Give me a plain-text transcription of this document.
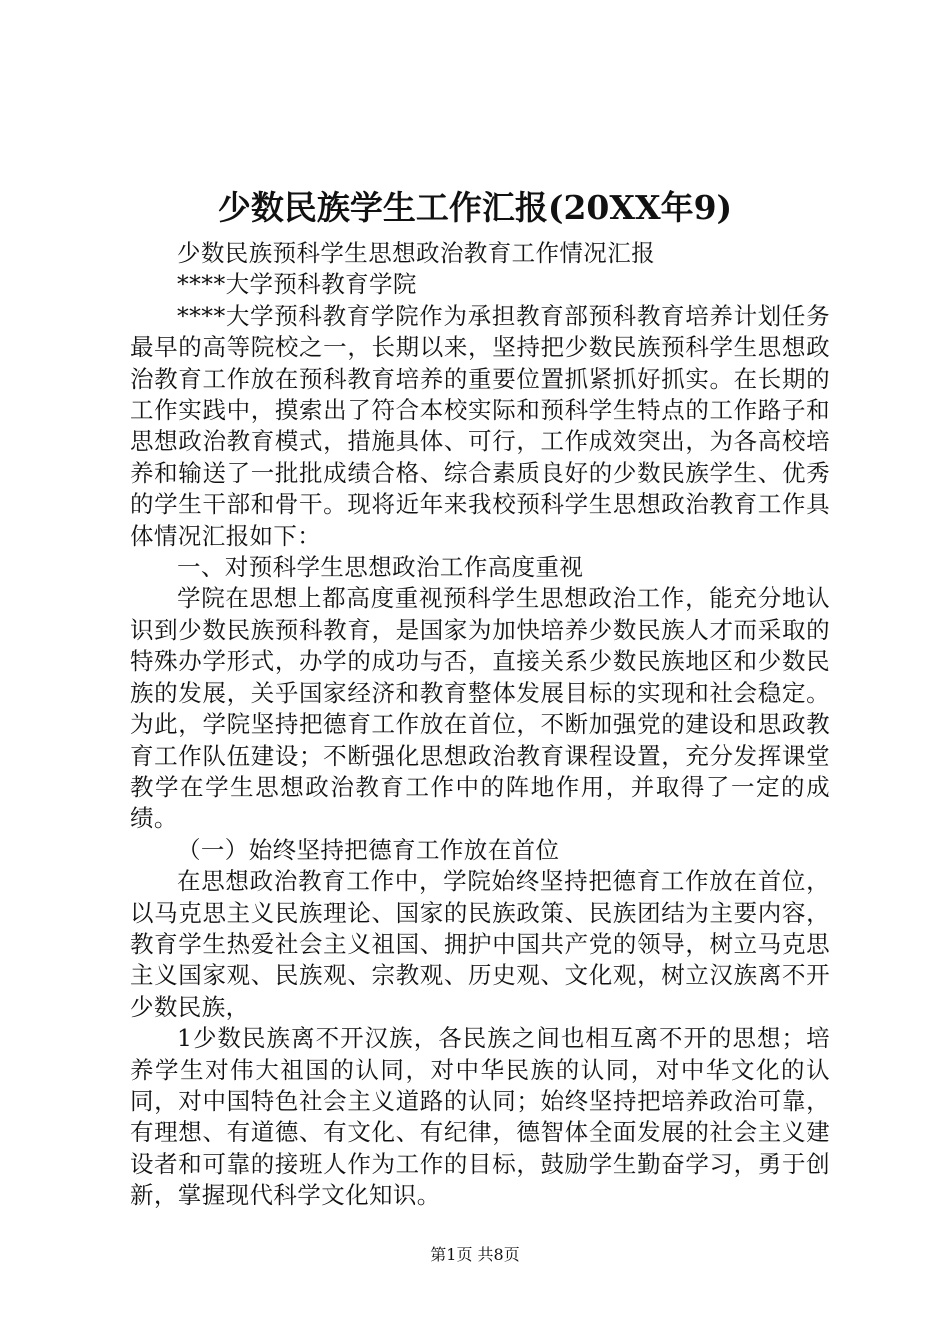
少数民族学生工作汇报(20XX年9)

少数民族预科学生思想政治教育工作情况汇报

****大学预科教育学院

****大学预科教育学院作为承担教育部预科教育培养计划任务最早的高等院校之一，长期以来，坚持把少数民族预科学生思想政治教育工作放在预科教育培养的重要位置抓紧抓好抓实。在长期的工作实践中，摸索出了符合本校实际和预科学生特点的工作路子和思想政治教育模式，措施具体、可行，工作成效突出，为各高校培养和输送了一批批成绩合格、综合素质良好的少数民族学生、优秀的学生干部和骨干。现将近年来我校预科学生思想政治教育工作具体情况汇报如下：

一、对预科学生思想政治工作高度重视

学院在思想上都高度重视预科学生思想政治工作，能充分地认识到少数民族预科教育，是国家为加快培养少数民族人才而采取的特殊办学形式，办学的成功与否，直接关系少数民族地区和少数民族的发展，关乎国家经济和教育整体发展目标的实现和社会稳定。为此，学院坚持把德育工作放在首位，不断加强党的建设和思政教育工作队伍建设；不断强化思想政治教育课程设置，充分发挥课堂教学在学生思想政治教育工作中的阵地作用，并取得了一定的成绩。

（一）始终坚持把德育工作放在首位

在思想政治教育工作中，学院始终坚持把德育工作放在首位，以马克思主义民族理论、国家的民族政策、民族团结为主要内容，教育学生热爱社会主义祖国、拥护中国共产党的领导，树立马克思主义国家观、民族观、宗教观、历史观、文化观，树立汉族离不开少数民族，

1少数民族离不开汉族，各民族之间也相互离不开的思想；培养学生对伟大祖国的认同，对中华民族的认同，对中华文化的认同，对中国特色社会主义道路的认同；始终坚持把培养政治可靠，有理想、有道德、有文化、有纪律，德智体全面发展的社会主义建设者和可靠的接班人作为工作的目标，鼓励学生勤奋学习，勇于创新，掌握现代科学文化知识。

第1页 共8页
